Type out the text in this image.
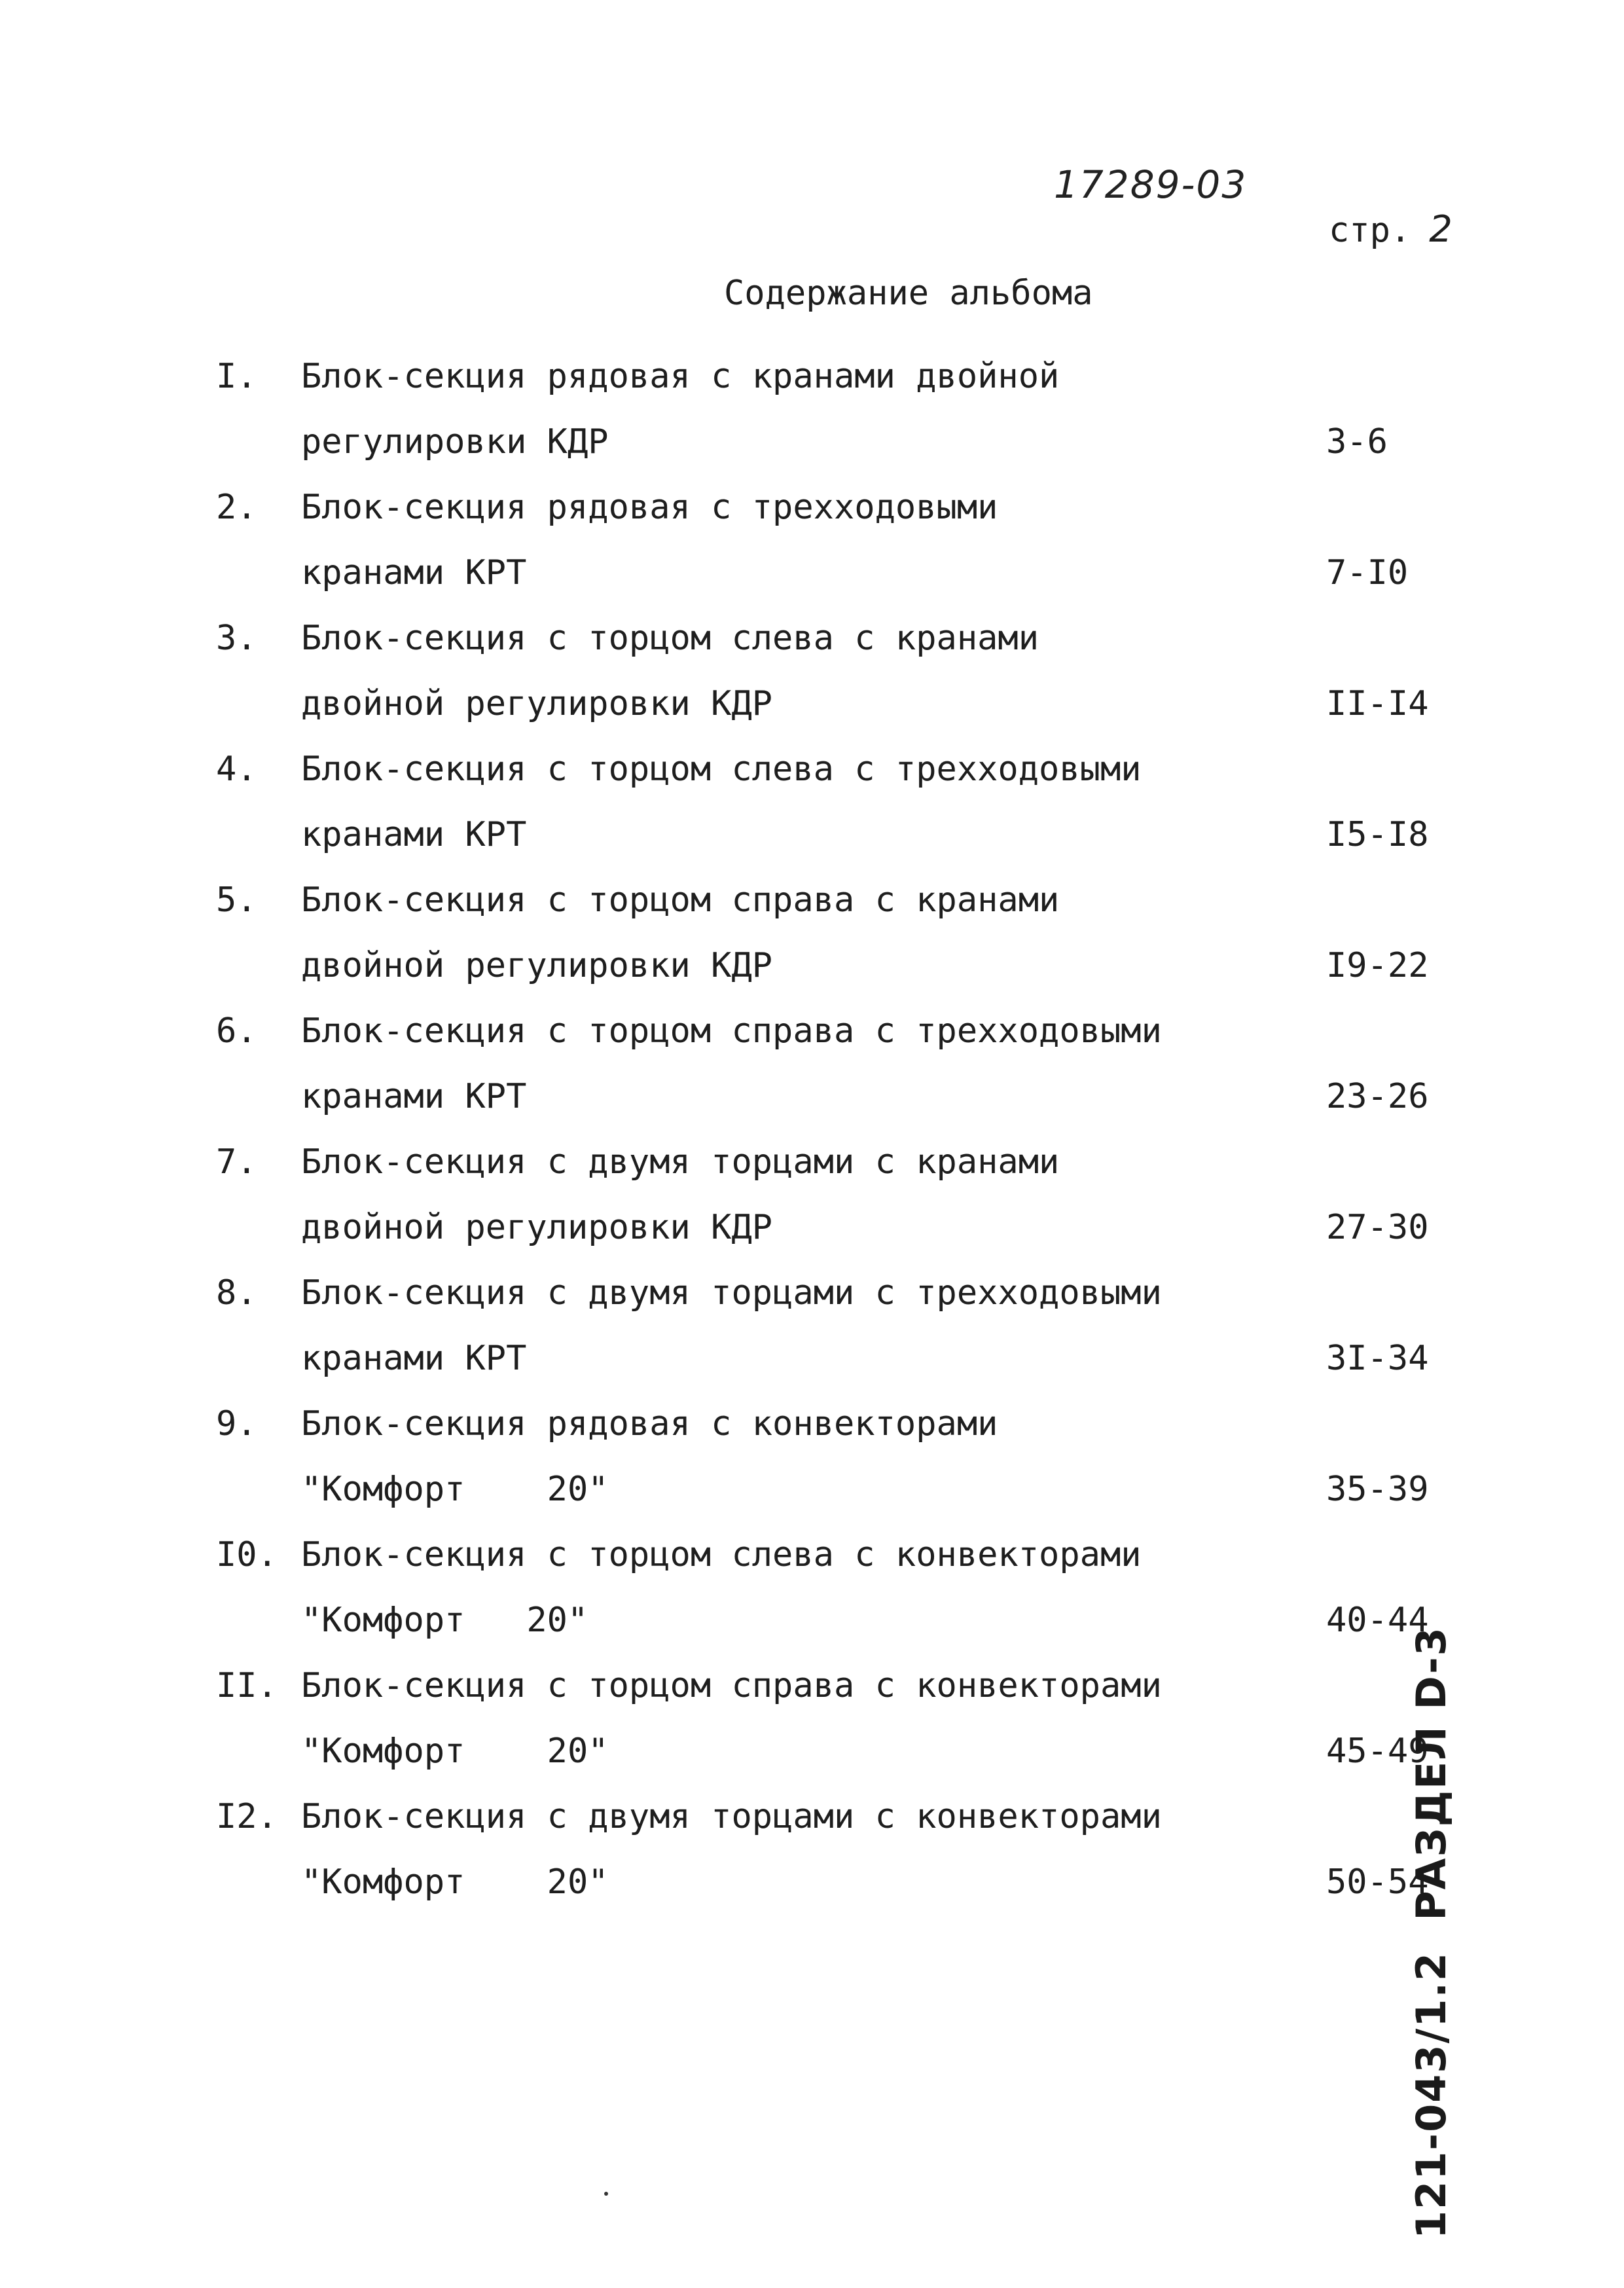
17289-03
стр. 2
Содержание альбома
I. Блок-секция рядовая с кранами двойной
регулировки КДР	3-6
2. Блок-секция рядовая с трехходовыми
кранами КРТ	7-I0
3. Блок-секция с торцом слева с кранами
двойной регулировки КДР	II-I4
4. Блок-секция с торцом слева с трехходовыми
кранами КРТ	I5-I8
5. Блок-секция с торцом справа с кранами
двойной регулировки КДР	I9-22
6. Блок-секция с торцом справа с трехходовыми
кранами КРТ	23-26
7. Блок-секция с двумя торцами с кранами
двойной регулировки КДР	27-30
8. Блок-секция с двумя торцами с трехходовыми
кранами КРТ	3I-34
9. Блок-секция рядовая с конвекторами
"Комфорт    20"	35-39
I0. Блок-секция с торцом слева с конвекторами
"Комфорт   20"	40-44
II. Блок-секция с торцом справа с конвекторами
"Комфорт    20"	45-49
I2. Блок-секция с двумя торцами с конвекторами
"Комфорт    20"	50-54
121-043/1.2  РАЗДЕЛ D-3
